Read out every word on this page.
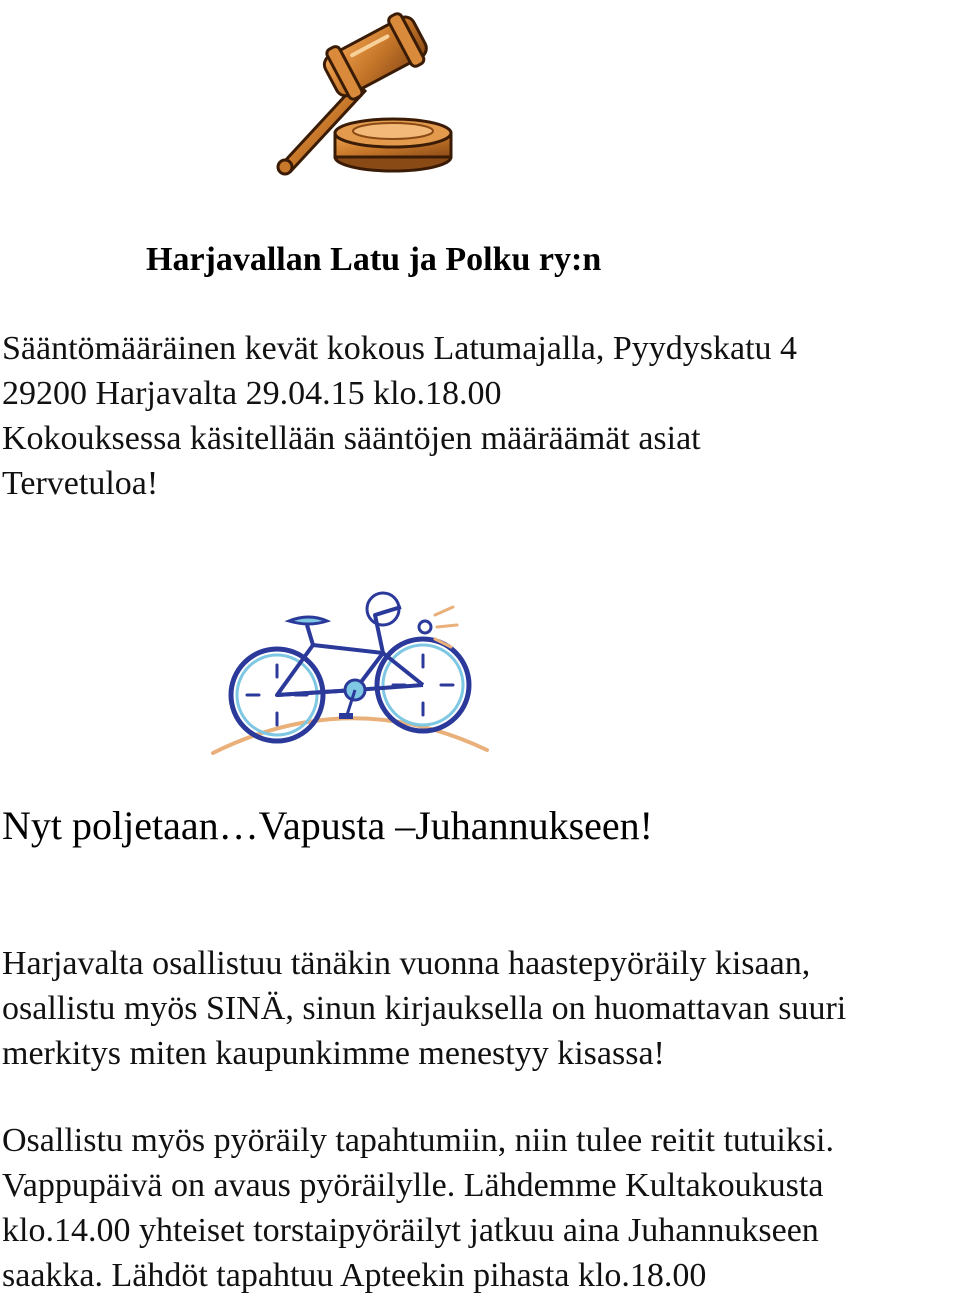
Harjavallan Latu ja Polku ry:n
Sääntömääräinen kevät kokous Latumajalla, Pyydyskatu 4
29200 Harjavalta 29.04.15 klo.18.00
Kokouksessa käsitellään sääntöjen määräämät asiat
Tervetuloa!

Nyt poljetaan…Vapusta –Juhannukseen!

Harjavalta osallistuu tänäkin vuonna haastepyöräily kisaan,
osallistu myös SINÄ, sinun kirjauksella on huomattavan suuri
merkitys miten kaupunkimme menestyy kisassa!
Osallistu myös pyöräily tapahtumiin, niin tulee reitit tutuiksi.
Vappupäivä on avaus pyöräilylle. Lähdemme Kultakoukusta
klo.14.00 yhteiset torstaipyöräilyt jatkuu aina Juhannukseen
saakka. Lähdöt tapahtuu Apteekin pihasta klo.18.00
